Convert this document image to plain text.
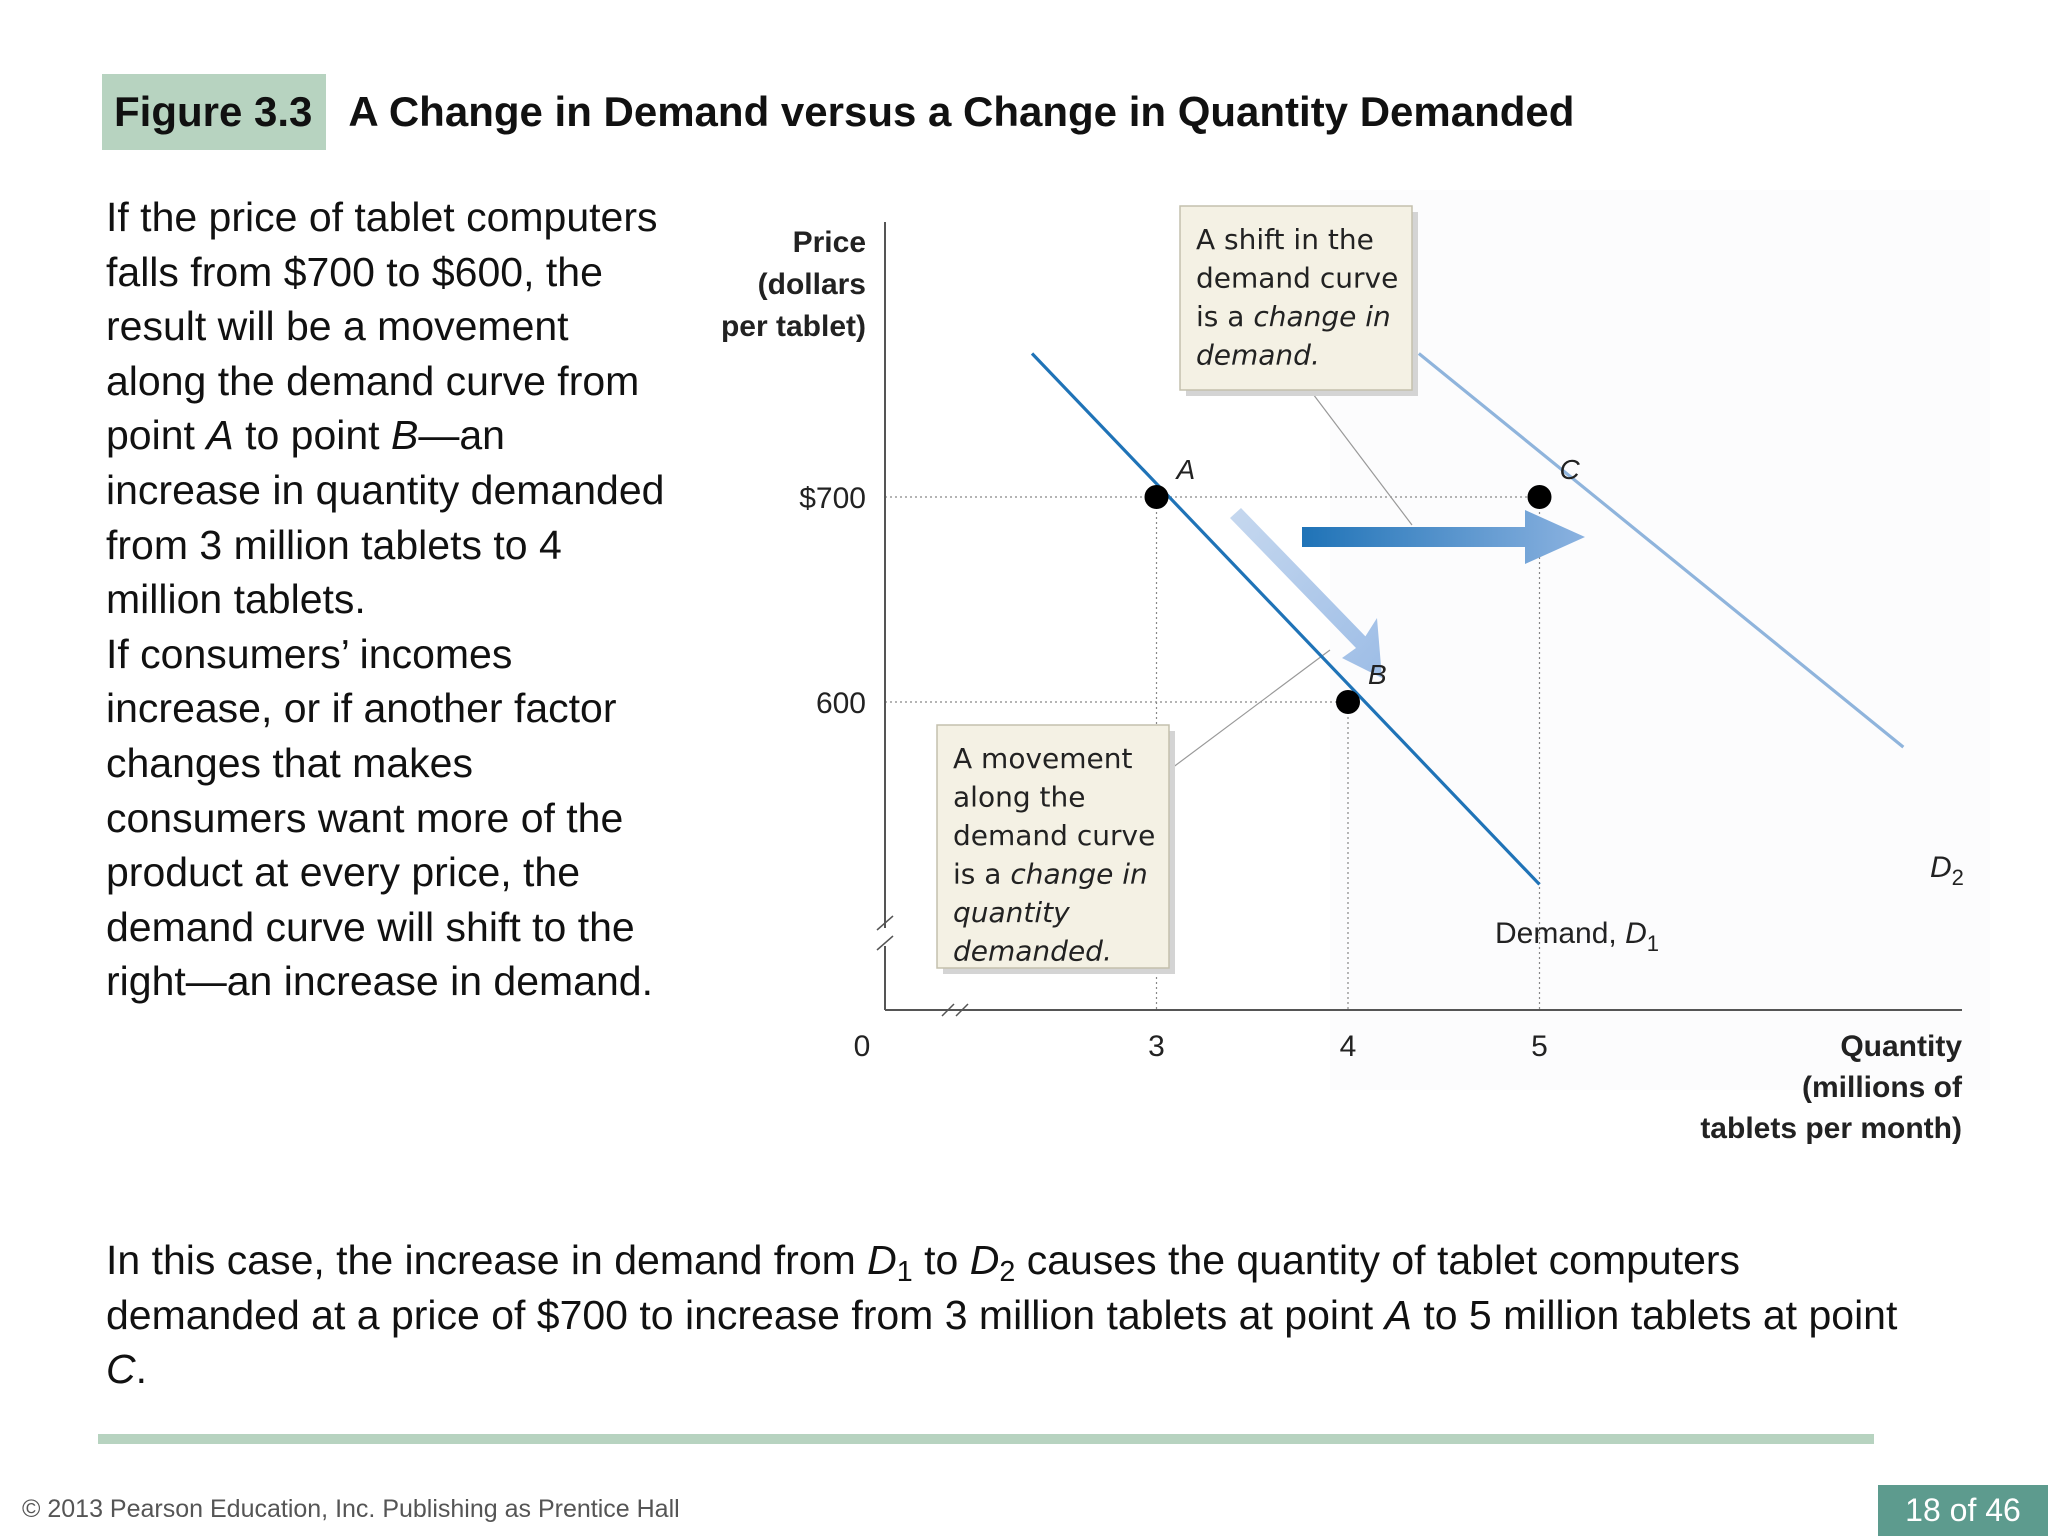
Figure 3.3 A Change in Demand versus a Change in Quantity Demanded

If the price of tablet computers falls from $700 to $600, the result will be a movement along the demand curve from point A to point B—an increase in quantity demanded from 3 million tablets to 4 million tablets.

If consumers’ incomes increase, or if another factor changes that makes consumers want more of the product at every price, the demand curve will shift to the right—an increase in demand.

Price
(dollars
per tablet)
Quantity
(millions of
tablets per month)
0	3	4	5
$700
600
Demand, $D_1$
$D_2$
A
B
C
A shift in the
demand curve
is a change in
demand.
A movement
along the
demand curve
is a change in
quantity
demanded.

In this case, the increase in demand from $D_1$ to $D_2$ causes the quantity of tablet computers demanded at a price of $700 to increase from 3 million tablets at point A to 5 million tablets at point C.

© 2013 Pearson Education, Inc. Publishing as Prentice Hall	18 of 46
